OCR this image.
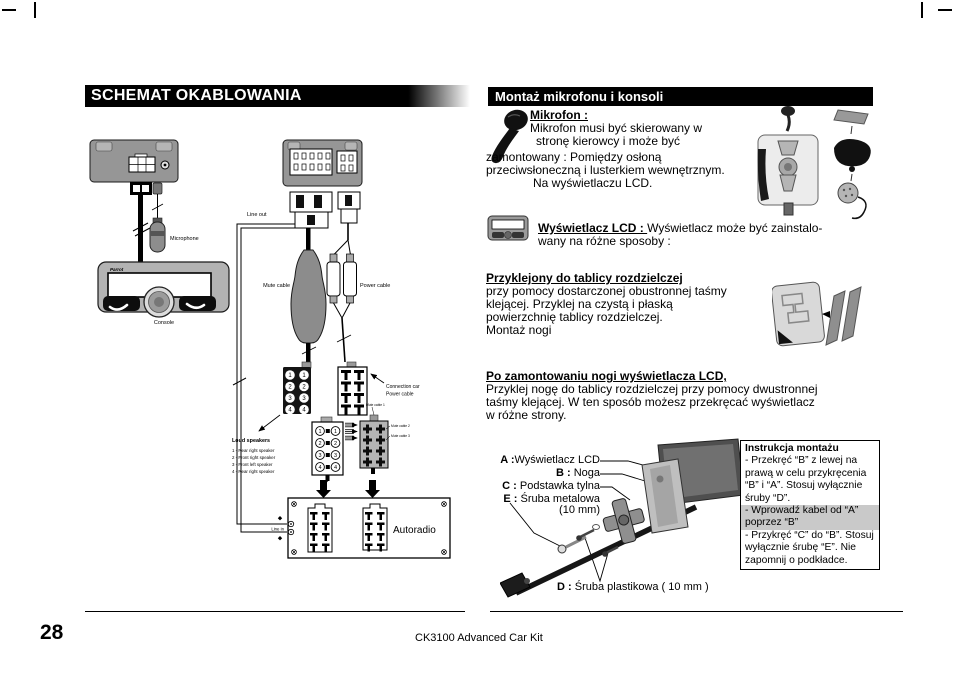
SCHEMAT OKABLOWANIA	Montaż mikrofonu i konsoli
Microphone
Parrot
Console
Line out
Mute cable	Power cable
1 1
2 2
3 3
4 4
Connection car
Power cable
1 1
2 2
3 3
4 4
Mute cable 1
Mute cable 2
Mute cable 3
Loud speakers
1 - Rear right speaker
2 - Front right speaker
3 - Front left speaker
4 - Rear right speaker
Autoradio
Line in
Mikrofon :
Mikrofon musi być skierowany w
stronę kierowcy i może być
zamontowany : Pomiędzy osłoną
przeciwsłoneczną i lusterkiem wewnętrznym.
Na wyświetlaczu LCD.
Wyświetlacz LCD : Wyświetlacz może być zainstalo-
wany na różne sposoby :
Przyklejony do tablicy rozdzielczej
przy pomocy dostarczonej obustronnej taśmy
klejącej. Przyklej na czystą i płaską
powierzchnię tablicy rozdzielczej.
Montaż nogi
Po zamontowaniu nogi wyświetlacza LCD,
Przyklej nogę do tablicy rozdzielczej przy pomocy dwustronnej
taśmy klejącej. W ten sposób możesz przekręcać wyświetlacz
w różne strony.
A :Wyświetlacz LCD
B : Noga
C : Podstawka tylna
E : Śruba metalowa
(10 mm)
D : Śruba plastikowa ( 10 mm )
Instrukcja montażu
- Przekręć “B” z lewej na prawą w celu przykręcenia “B” i “A”. Stosuj wyłącznie śruby “D”.
- Wprowadź kabel od “A” poprzez “B”
- Przykręć “C” do “B”. Stosuj wyłącznie śrubę “E”. Nie zapomnij o podkładce.
28	CK3100 Advanced Car Kit
